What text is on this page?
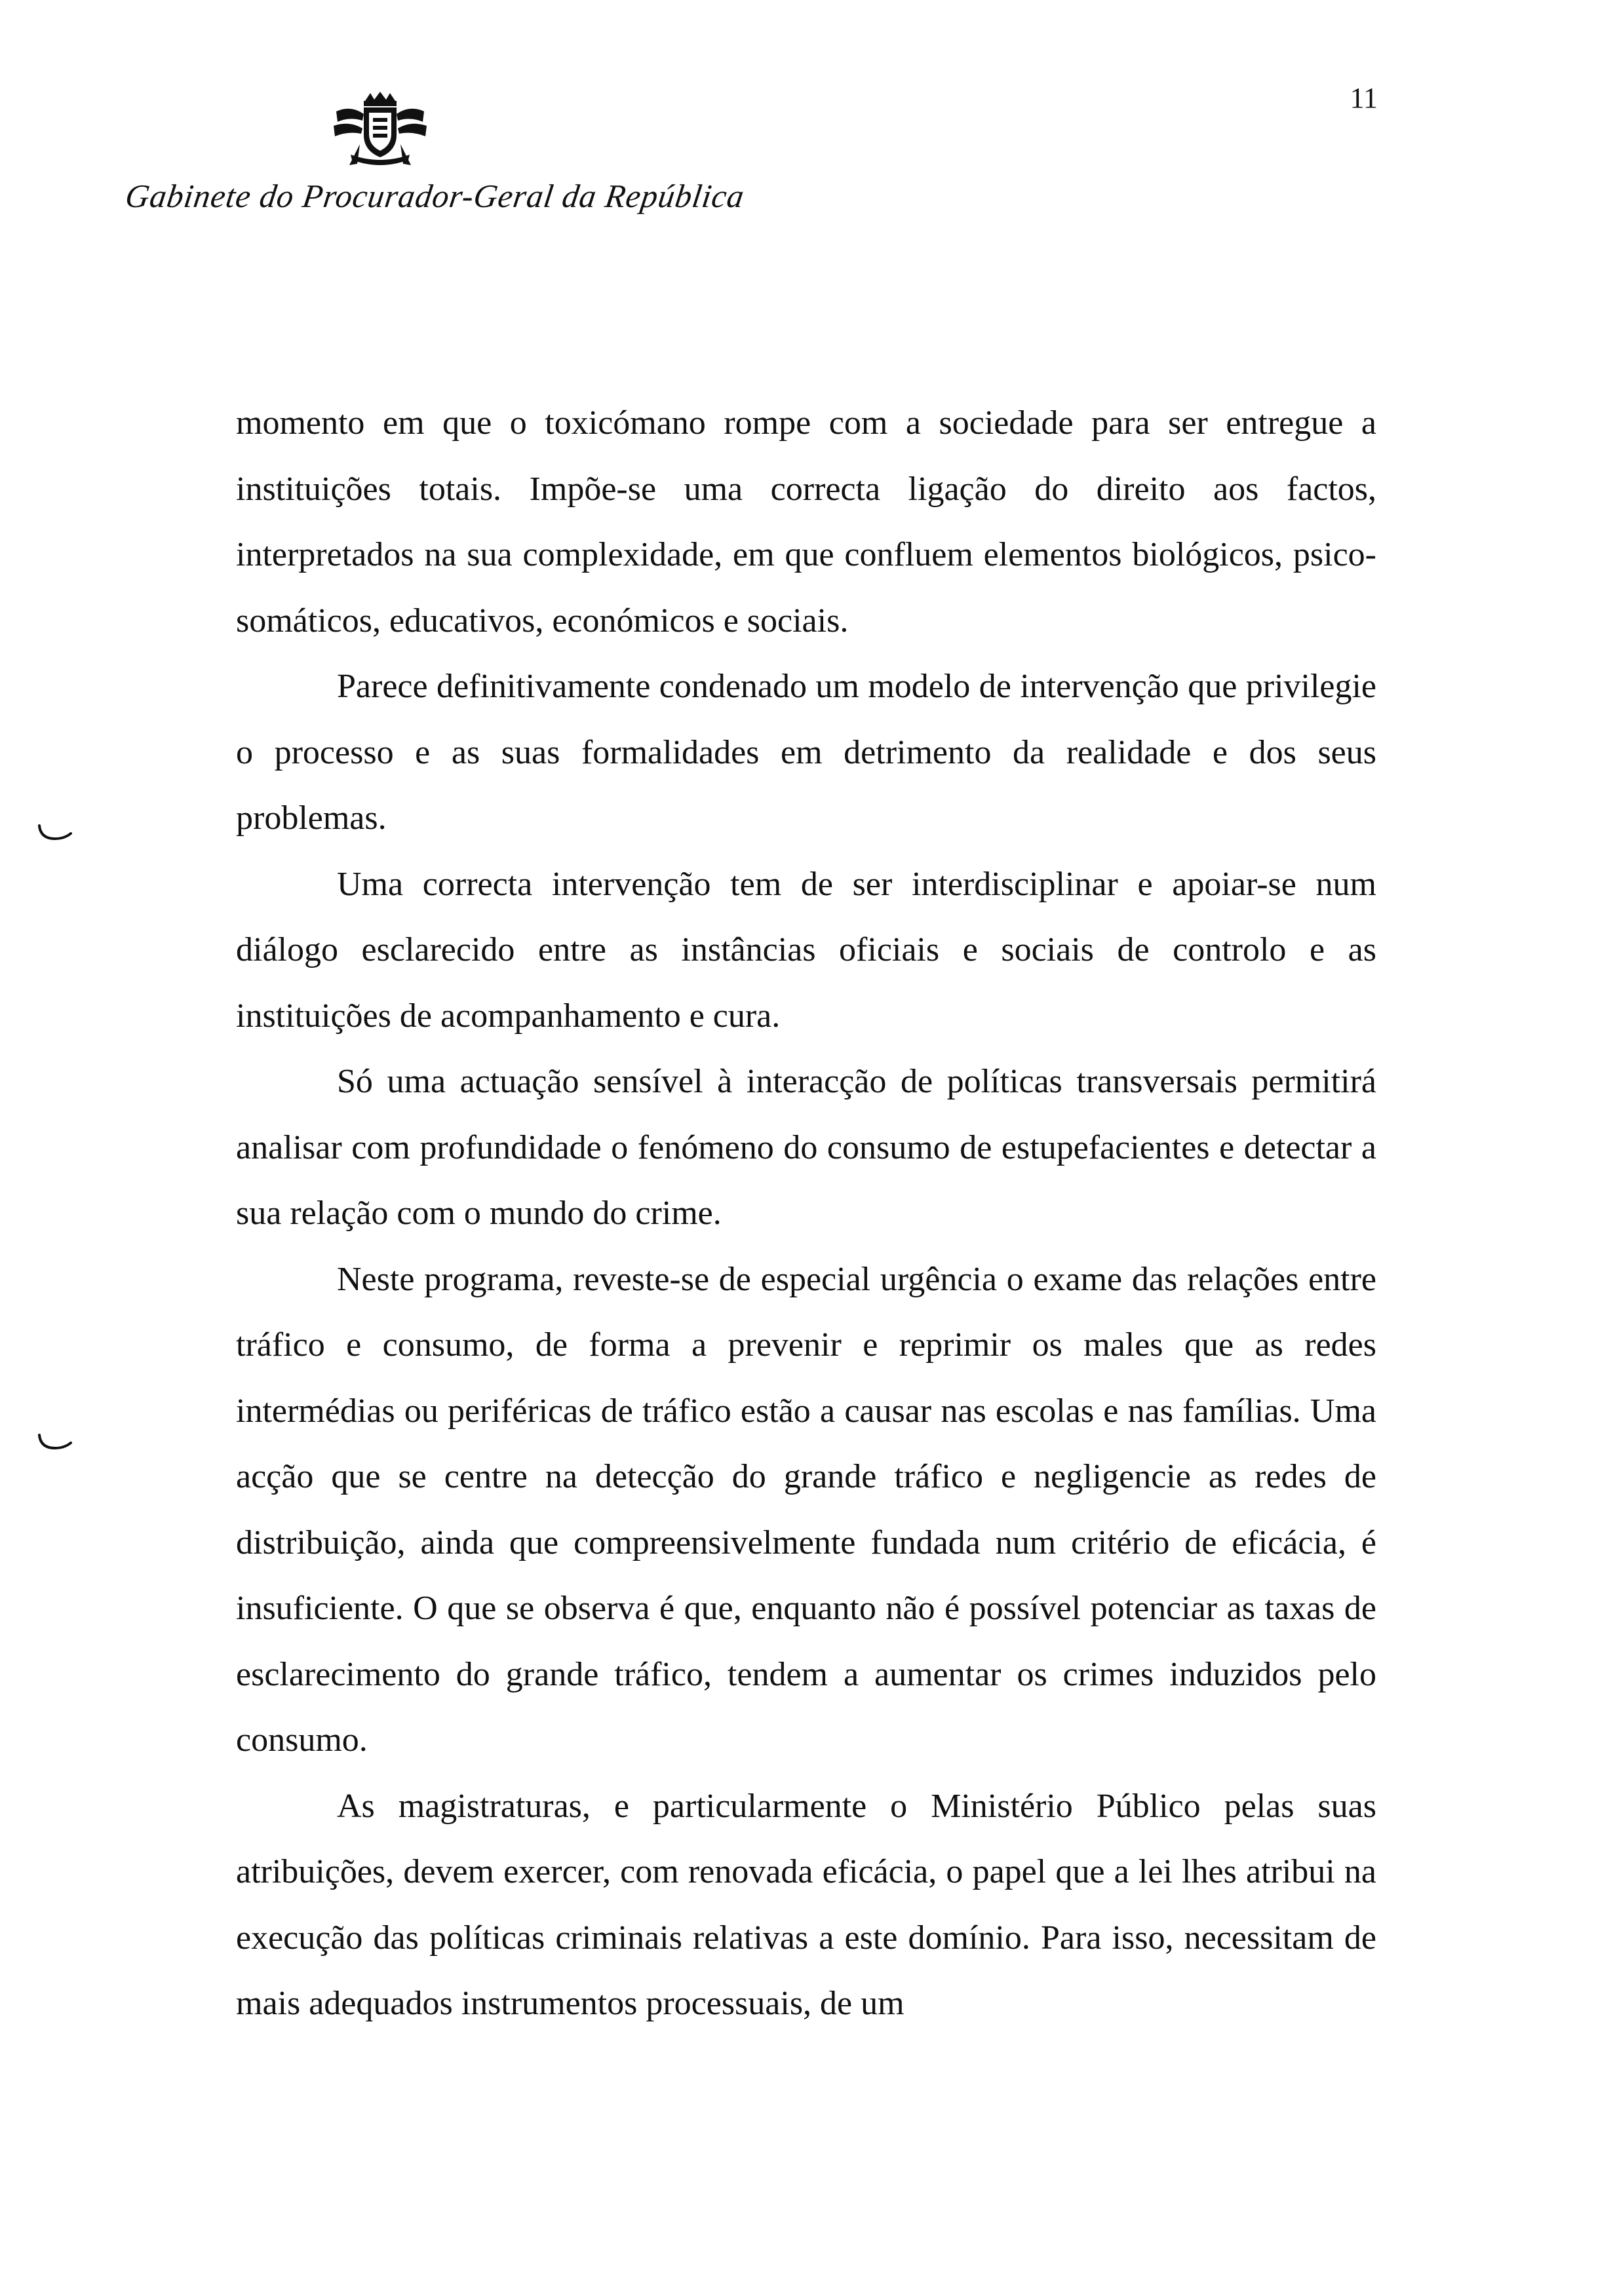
11
Gabinete do Procurador-Geral da República

momento em que o toxicómano rompe com a sociedade para ser entregue a instituições totais. Impõe-se uma correcta ligação do direito aos factos, interpretados na sua complexidade, em que confluem elementos biológicos, psico-somáticos, educativos, económicos e sociais.

Parece definitivamente condenado um modelo de intervenção que privilegie o processo e as suas formalidades em detrimento da realidade e dos seus problemas.

Uma correcta intervenção tem de ser interdisciplinar e apoiar-se num diálogo esclarecido entre as instâncias oficiais e sociais de controlo e as instituições de acompanhamento e cura.

Só uma actuação sensível à interacção de políticas transversais permitirá analisar com profundidade o fenómeno do consumo de estupefacientes e detectar a sua relação com o mundo do crime.

Neste programa, reveste-se de especial urgência o exame das relações entre tráfico e consumo, de forma a prevenir e reprimir os males que as redes intermédias ou periféricas de tráfico estão a causar nas escolas e nas famílias. Uma acção que se centre na detecção do grande tráfico e negligencie as redes de distribuição, ainda que compreensivelmente fundada num critério de eficácia, é insuficiente. O que se observa é que, enquanto não é possível potenciar as taxas de esclarecimento do grande tráfico, tendem a aumentar os crimes induzidos pelo consumo.

As magistraturas, e particularmente o Ministério Público pelas suas atribuições, devem exercer, com renovada eficácia, o papel que a lei lhes atribui na execução das políticas criminais relativas a este domínio. Para isso, necessitam de mais adequados instrumentos processuais, de um
